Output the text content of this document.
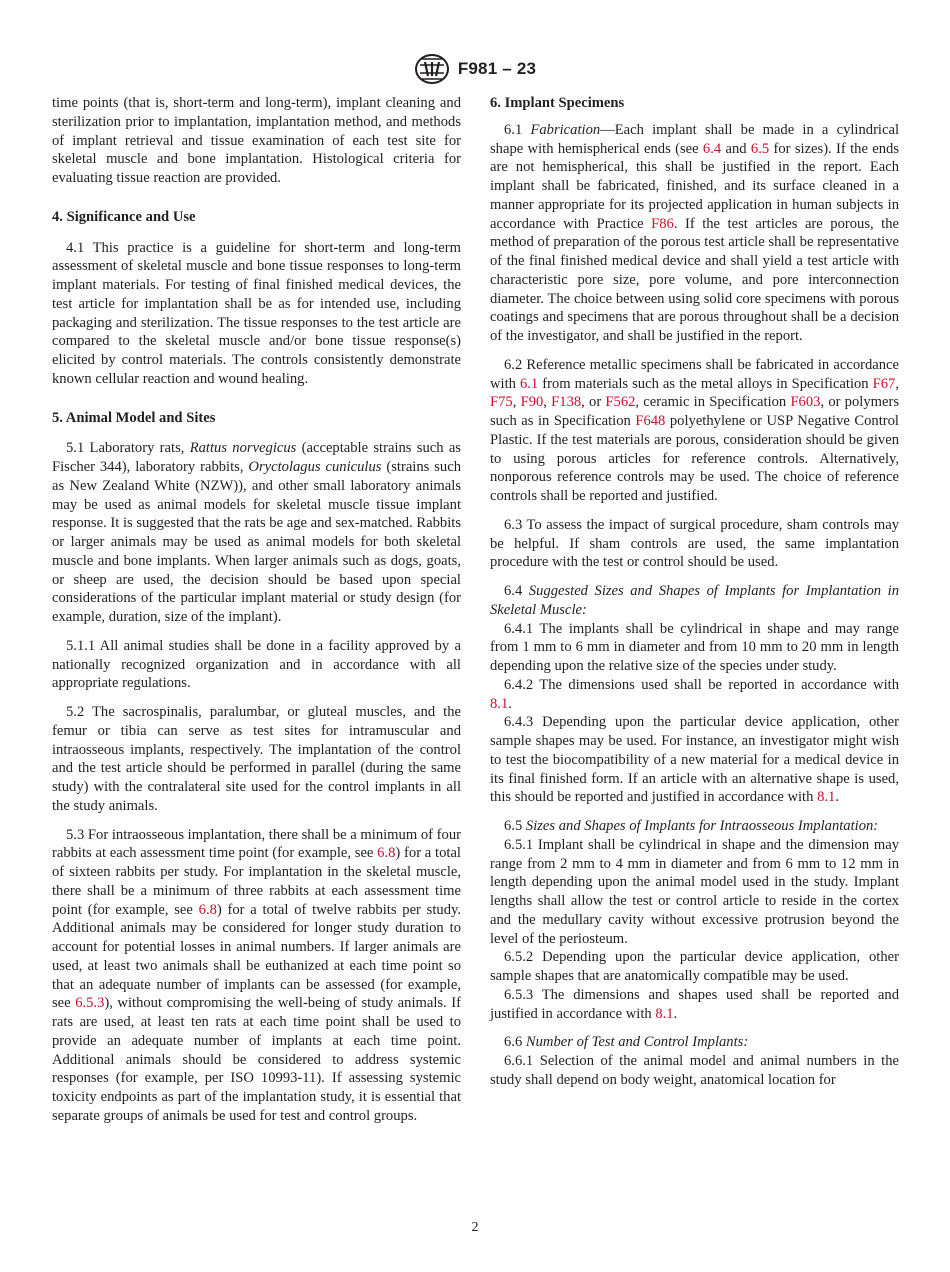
F981 – 23

time points (that is, short-term and long-term), implant cleaning and sterilization prior to implantation, implantation method, and methods of implant retrieval and tissue examination of each test site for skeletal muscle and bone implantation. Histological criteria for evaluating tissue reaction are provided.

4. Significance and Use

4.1 This practice is a guideline for short-term and long-term assessment of skeletal muscle and bone tissue responses to long-term implant materials. For testing of final finished medical devices, the test article for implantation shall be as for intended use, including packaging and sterilization. The tissue responses to the test article are compared to the skeletal muscle and/or bone tissue response(s) elicited by control materials. The controls consistently demonstrate known cellular reaction and wound healing.

5. Animal Model and Sites

5.1 Laboratory rats, Rattus norvegicus (acceptable strains such as Fischer 344), laboratory rabbits, Oryctolagus cuniculus (strains such as New Zealand White (NZW)), and other small laboratory animals may be used as animal models for skeletal muscle tissue implant response. It is suggested that the rats be age and sex-matched. Rabbits or larger animals may be used as animal models for both skeletal muscle and bone implants. When larger animals such as dogs, goats, or sheep are used, the decision should be based upon special considerations of the particular implant material or study design (for example, duration, size of the implant).

5.1.1 All animal studies shall be done in a facility approved by a nationally recognized organization and in accordance with all appropriate regulations.

5.2 The sacrospinalis, paralumbar, or gluteal muscles, and the femur or tibia can serve as test sites for intramuscular and intraosseous implants, respectively. The implantation of the control and the test article should be performed in parallel (during the same study) with the contralateral site used for the control implants in all the study animals.

5.3 For intraosseous implantation, there shall be a minimum of four rabbits at each assessment time point (for example, see 6.8) for a total of sixteen rabbits per study. For implantation in the skeletal muscle, there shall be a minimum of three rabbits at each assessment time point (for example, see 6.8) for a total of twelve rabbits per study. Additional animals may be considered for longer study duration to account for potential losses in animal numbers. If larger animals are used, at least two animals shall be euthanized at each time point so that an adequate number of implants can be assessed (for example, see 6.5.3), without compromising the well-being of study animals. If rats are used, at least ten rats at each time point shall be used to provide an adequate number of implants at each time point. Additional animals should be considered to address systemic responses (for example, per ISO 10993-11). If assessing systemic toxicity endpoints as part of the implantation study, it is essential that separate groups of animals be used for test and control groups.

6. Implant Specimens

6.1 Fabrication—Each implant shall be made in a cylindrical shape with hemispherical ends (see 6.4 and 6.5 for sizes). If the ends are not hemispherical, this shall be justified in the report. Each implant shall be fabricated, finished, and its surface cleaned in a manner appropriate for its projected application in human subjects in accordance with Practice F86. If the test articles are porous, the method of preparation of the porous test article shall be representative of the final finished medical device and shall yield a test article with characteristic pore size, pore volume, and pore interconnection diameter. The choice between using solid core specimens with porous coatings and specimens that are porous throughout shall be a decision of the investigator, and shall be justified in the report.

6.2 Reference metallic specimens shall be fabricated in accordance with 6.1 from materials such as the metal alloys in Specification F67, F75, F90, F138, or F562, ceramic in Specification F603, or polymers such as in Specification F648 polyethylene or USP Negative Control Plastic. If the test materials are porous, consideration should be given to using porous articles for reference controls. Alternatively, nonporous reference controls may be used. The choice of reference controls shall be reported and justified.

6.3 To assess the impact of surgical procedure, sham controls may be helpful. If sham controls are used, the same implantation procedure with the test or control should be used.

6.4 Suggested Sizes and Shapes of Implants for Implantation in Skeletal Muscle:

6.4.1 The implants shall be cylindrical in shape and may range from 1 mm to 6 mm in diameter and from 10 mm to 20 mm in length depending upon the relative size of the species under study.

6.4.2 The dimensions used shall be reported in accordance with 8.1.

6.4.3 Depending upon the particular device application, other sample shapes may be used. For instance, an investigator might wish to test the biocompatibility of a new material for a medical device in its final finished form. If an article with an alternative shape is used, this should be reported and justified in accordance with 8.1.

6.5 Sizes and Shapes of Implants for Intraosseous Implantation:

6.5.1 Implant shall be cylindrical in shape and the dimension may range from 2 mm to 4 mm in diameter and from 6 mm to 12 mm in length depending upon the animal model used in the study. Implant lengths shall allow the test or control article to reside in the cortex and the medullary cavity without excessive protrusion beyond the level of the periosteum.

6.5.2 Depending upon the particular device application, other sample shapes that are anatomically compatible may be used.

6.5.3 The dimensions and shapes used shall be reported and justified in accordance with 8.1.

6.6 Number of Test and Control Implants:

6.6.1 Selection of the animal model and animal numbers in the study shall depend on body weight, anatomical location for

2
